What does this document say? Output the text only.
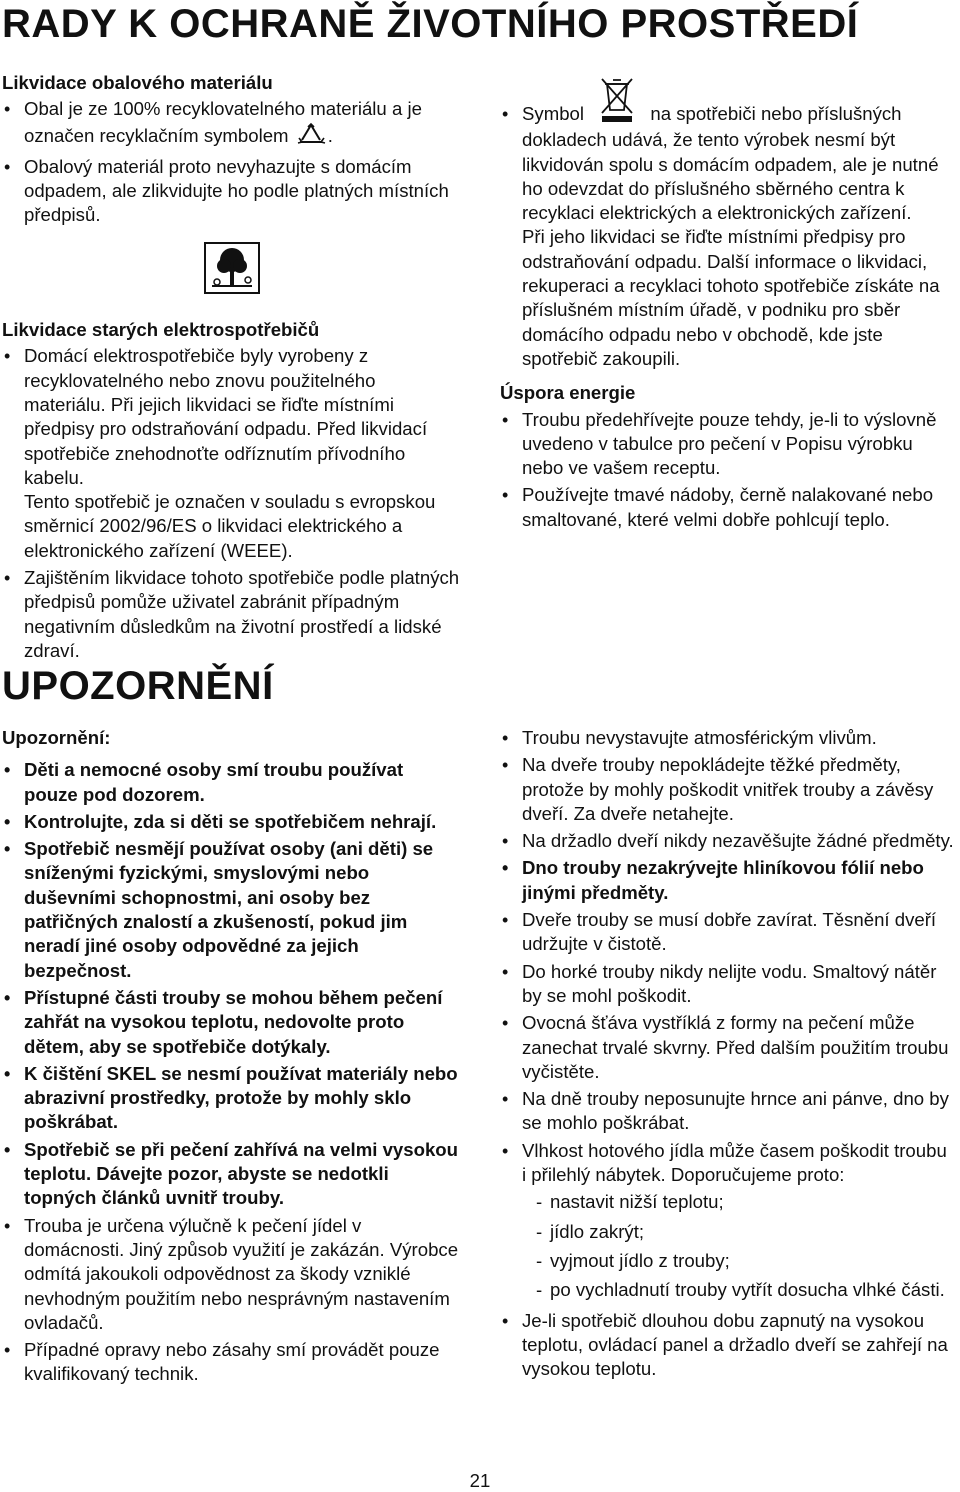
RADY K OCHRANĚ ŽIVOTNÍHO PROSTŘEDÍ
Likvidace obalového materiálu
• Obal je ze 100% recyklovatelného materiálu a je označen recyklačním symbolem .
• Obalový materiál proto nevyhazujte s domácím odpadem, ale zlikvidujte ho podle platných místních předpisů.
Likvidace starých elektrospotřebičů

• Domácí elektrospotřebiče byly vyrobeny z recyklovatelného nebo znovu použitelného materiálu. Při jejich likvidaci se řiďte místními předpisy pro odstraňování odpadu. Před likvidací spotřebiče znehodnoťte odříznutím přívodního kabelu.

Tento spotřebič je označen v souladu s evropskou směrnicí 2002/96/ES o likvidaci elektrického a elektronického zařízení (WEEE).

• Zajištěním likvidace tohoto spotřebiče podle platných předpisů pomůže uživatel zabránit případným negativním důsledkům na životní prostředí a lidské zdraví.
• Symbol	na spotřebiči nebo příslušných dokladech udává, že tento výrobek nesmí být likvidován spolu s domácím odpadem, ale je nutné ho odevzdat do příslušného sběrného centra k recyklaci elektrických a elektronických zařízení.

Při jeho likvidaci se řiďte místními předpisy pro odstraňování odpadu. Další informace o likvidaci, rekuperaci a recyklaci tohoto spotřebiče získáte na příslušném místním úřadě, v podniku pro sběr domácího odpadu nebo v obchodě, kde jste spotřebič zakoupili.

Úspora energie
• Troubu předehřívejte pouze tehdy, je-li to výslovně uvedeno v tabulce pro pečení v Popisu výrobku nebo ve vašem receptu.
• Používejte tmavé nádoby, černě nalakované nebo smaltované, které velmi dobře pohlcují teplo.
UPOZORNĚNÍ
Upozornění:
• Děti a nemocné osoby smí troubu používat pouze pod dozorem.
• Kontrolujte, zda si děti se spotřebičem nehrají.
• Spotřebič nesmějí používat osoby (ani děti) se sníženými fyzickými, smyslovými nebo duševními schopnostmi, ani osoby bez patřičných znalostí a zkušeností, pokud jim neradí jiné osoby odpovědné za jejich bezpečnost.
• Přístupné části trouby se mohou během pečení zahřát na vysokou teplotu, nedovolte proto dětem, aby se spotřebiče dotýkaly.
• K čištění SKEL se nesmí používat materiály nebo abrazivní prostředky, protože by mohly sklo poškrábat.
• Spotřebič se při pečení zahřívá na velmi vysokou teplotu. Dávejte pozor, abyste se nedotkli topných článků uvnitř trouby.
• Trouba je určena výlučně k pečení jídel v domácnosti. Jiný způsob využití je zakázán. Výrobce odmítá jakoukoli odpovědnost za škody vzniklé nevhodným použitím nebo nesprávným nastavením ovladačů.
• Případné opravy nebo zásahy smí provádět pouze kvalifikovaný technik.
• Troubu nevystavujte atmosférickým vlivům.
• Na dveře trouby nepokládejte těžké předměty, protože by mohly poškodit vnitřek trouby a závěsy dveří. Za dveře netahejte.
• Na držadlo dveří nikdy nezavěšujte žádné předměty.
• Dno trouby nezakrývejte hliníkovou fólií nebo jinými předměty.
• Dveře trouby se musí dobře zavírat. Těsnění dveří udržujte v čistotě.
• Do horké trouby nikdy nelijte vodu. Smaltový nátěr by se mohl poškodit.
• Ovocná šťáva vystříklá z formy na pečení může zanechat trvalé skvrny. Před dalším použitím troubu vyčistěte.
• Na dně trouby neposunujte hrnce ani pánve, dno by se mohlo poškrábat.
• Vlhkost hotového jídla může časem poškodit troubu i přilehlý nábytek. Doporučujeme proto:
- nastavit nižší teplotu;
- jídlo zakrýt;
- vyjmout jídlo z trouby;
- po vychladnutí trouby vytřít dosucha vlhké části.
• Je-li spotřebič dlouhou dobu zapnutý na vysokou teplotu, ovládací panel a držadlo dveří se zahřejí na vysokou teplotu.
21
